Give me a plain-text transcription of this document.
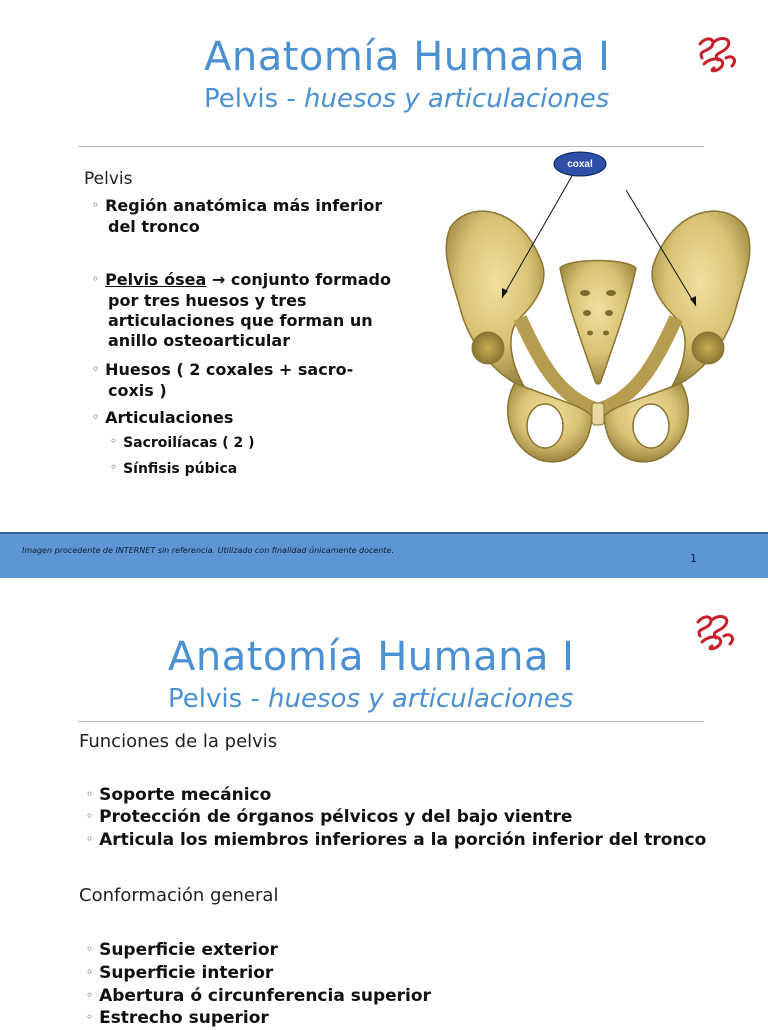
Anatomía Humana I
Pelvis - huesos y articulaciones
Pelvis
◦ Región anatómica más inferior
del tronco
◦ Pelvis ósea → conjunto formado
por tres huesos y tres
articulaciones que forman un
anillo osteoarticular
◦ Huesos ( 2 coxales + sacro-
coxis )
◦ Articulaciones
◦ Sacroilíacas ( 2 )
◦ Sínfisis púbica
coxal
Imagen procedente de INTERNET sin referencia. Utilizado con finalidad únicamente docente.
1
Anatomía Humana I
Pelvis - huesos y articulaciones
Funciones de la pelvis
◦ Soporte mecánico
◦ Protección de órganos pélvicos y del bajo vientre
◦ Articula los miembros inferiores a la porción inferior del tronco
Conformación general
◦ Superficie exterior
◦ Superficie interior
◦ Abertura ó circunferencia superior
◦ Estrecho superior
